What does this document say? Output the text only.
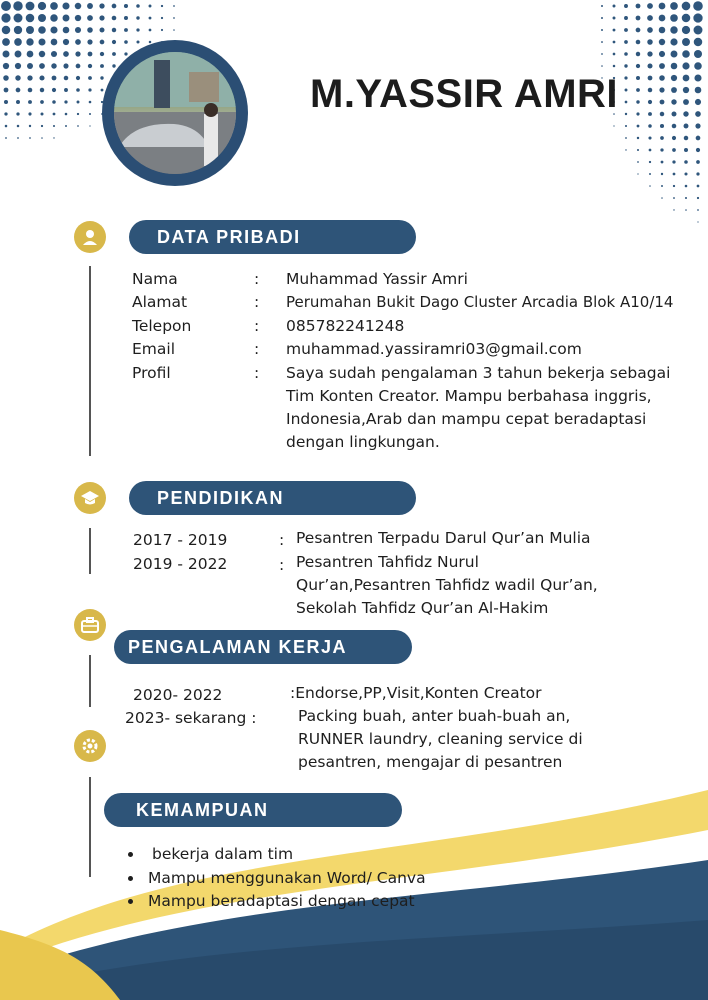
M.YASSIR AMRI
DATA PRIBADI
Nama	: Muhammad Yassir Amri
Alamat	: Perumahan Bukit Dago Cluster Arcadia Blok A10/14
Telepon	: 085782241248
Email	: muhammad.yassiramri03@gmail.com
Profil	: Saya sudah pengalaman 3 tahun bekerja sebagai Tim Konten Creator. Mampu berbahasa inggris, Indonesia,Arab dan mampu cepat beradaptasi dengan lingkungan.
PENDIDIKAN
2017 - 2019	: Pesantren Terpadu Darul Qur’an Mulia
2019 - 2022	: Pesantren Tahfidz Nurul Qur’an,Pesantren Tahfidz wadil Qur’an, Sekolah Tahfidz Qur’an Al-Hakim
PENGALAMAN KERJA
2020- 2022	:Endorse,PP,Visit,Konten Creator
2023- sekarang :	Packing buah, anter buah-buah an, RUNNER laundry, cleaning service di pesantren, mengajar di pesantren
KEMAMPUAN
• bekerja dalam tim
• Mampu menggunakan Word/ Canva
• Mampu beradaptasi dengan cepat
